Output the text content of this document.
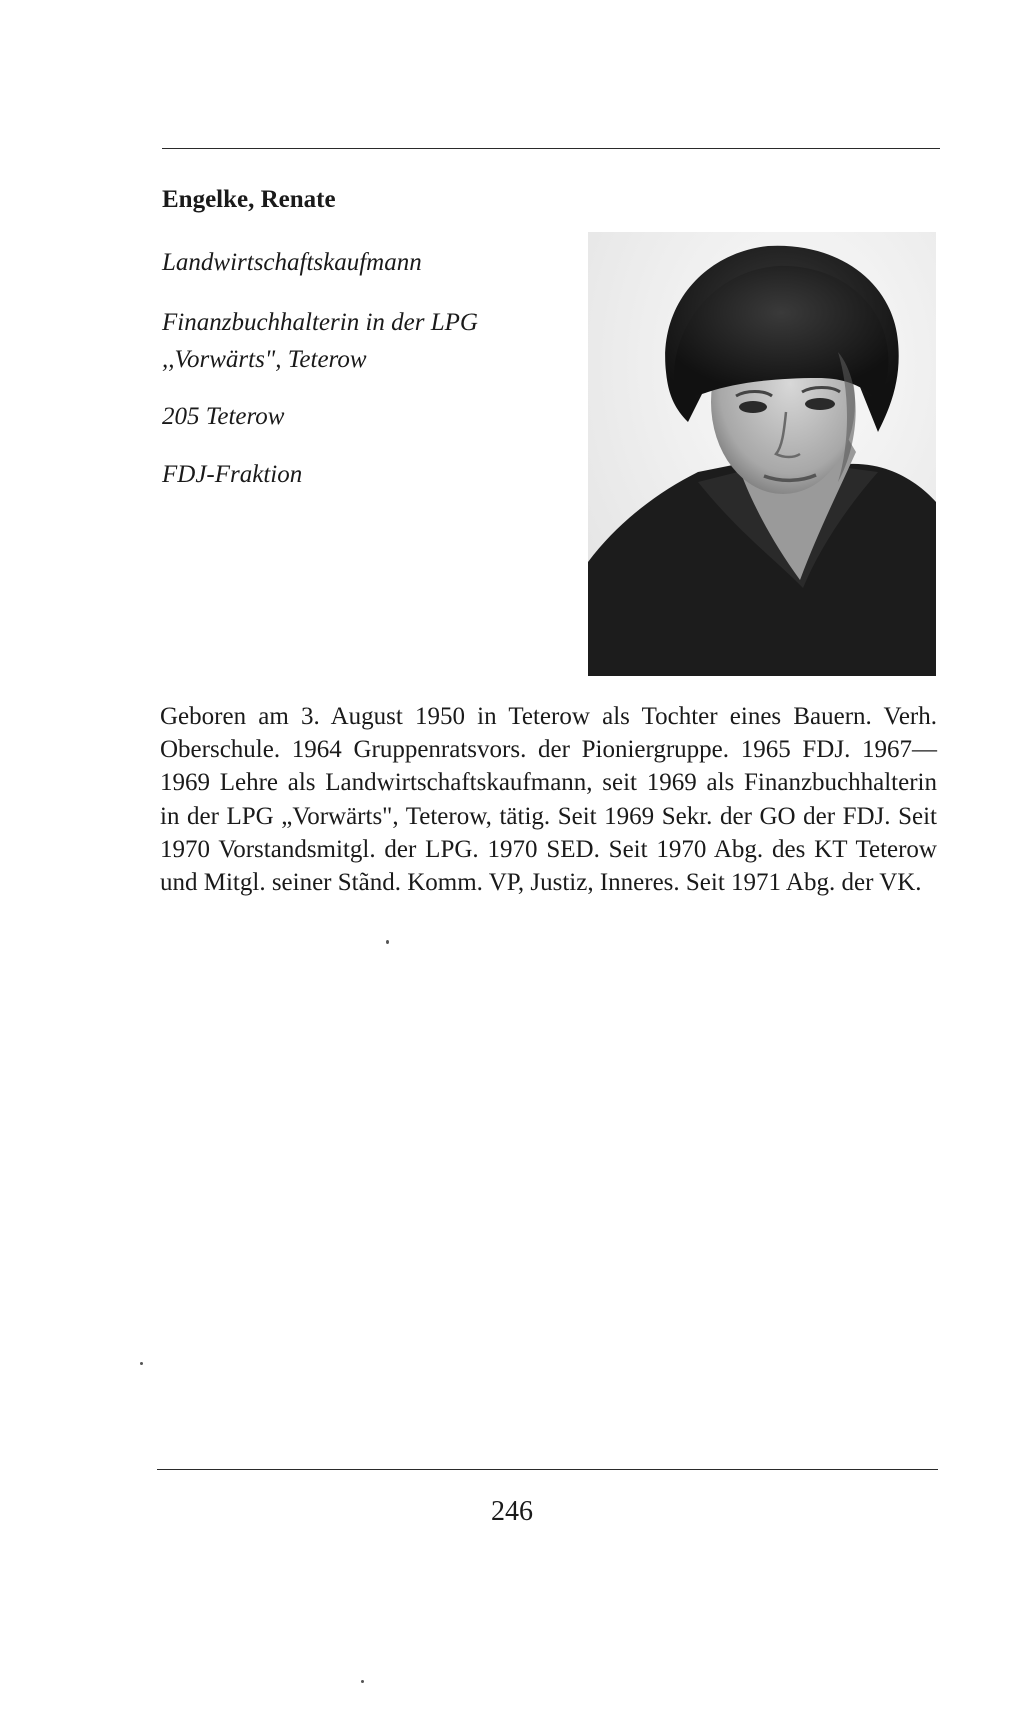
Engelke, Renate
Landwirtschaftskaufmann
Finanzbuchhalterin in der LPG
,,Vorwärts", Teterow
205 Teterow
FDJ-Fraktion

Geboren am 3. August 1950 in Teterow als Tochter eines Bauern. Verh. Oberschule. 1964 Gruppenratsvors. der Pioniergruppe. 1965 FDJ. 1967—1969 Lehre als Landwirtschaftskaufmann, seit 1969 als Finanzbuchhalterin in der LPG „Vorwärts", Teterow, tätig. Seit 1969 Sekr. der GO der FDJ. Seit 1970 Vorstandsmitgl. der LPG. 1970 SED. Seit 1970 Abg. des KT Teterow und Mitgl. seiner Stãnd. Komm. VP, Justiz, Inneres. Seit 1971 Abg. der VK.

246
